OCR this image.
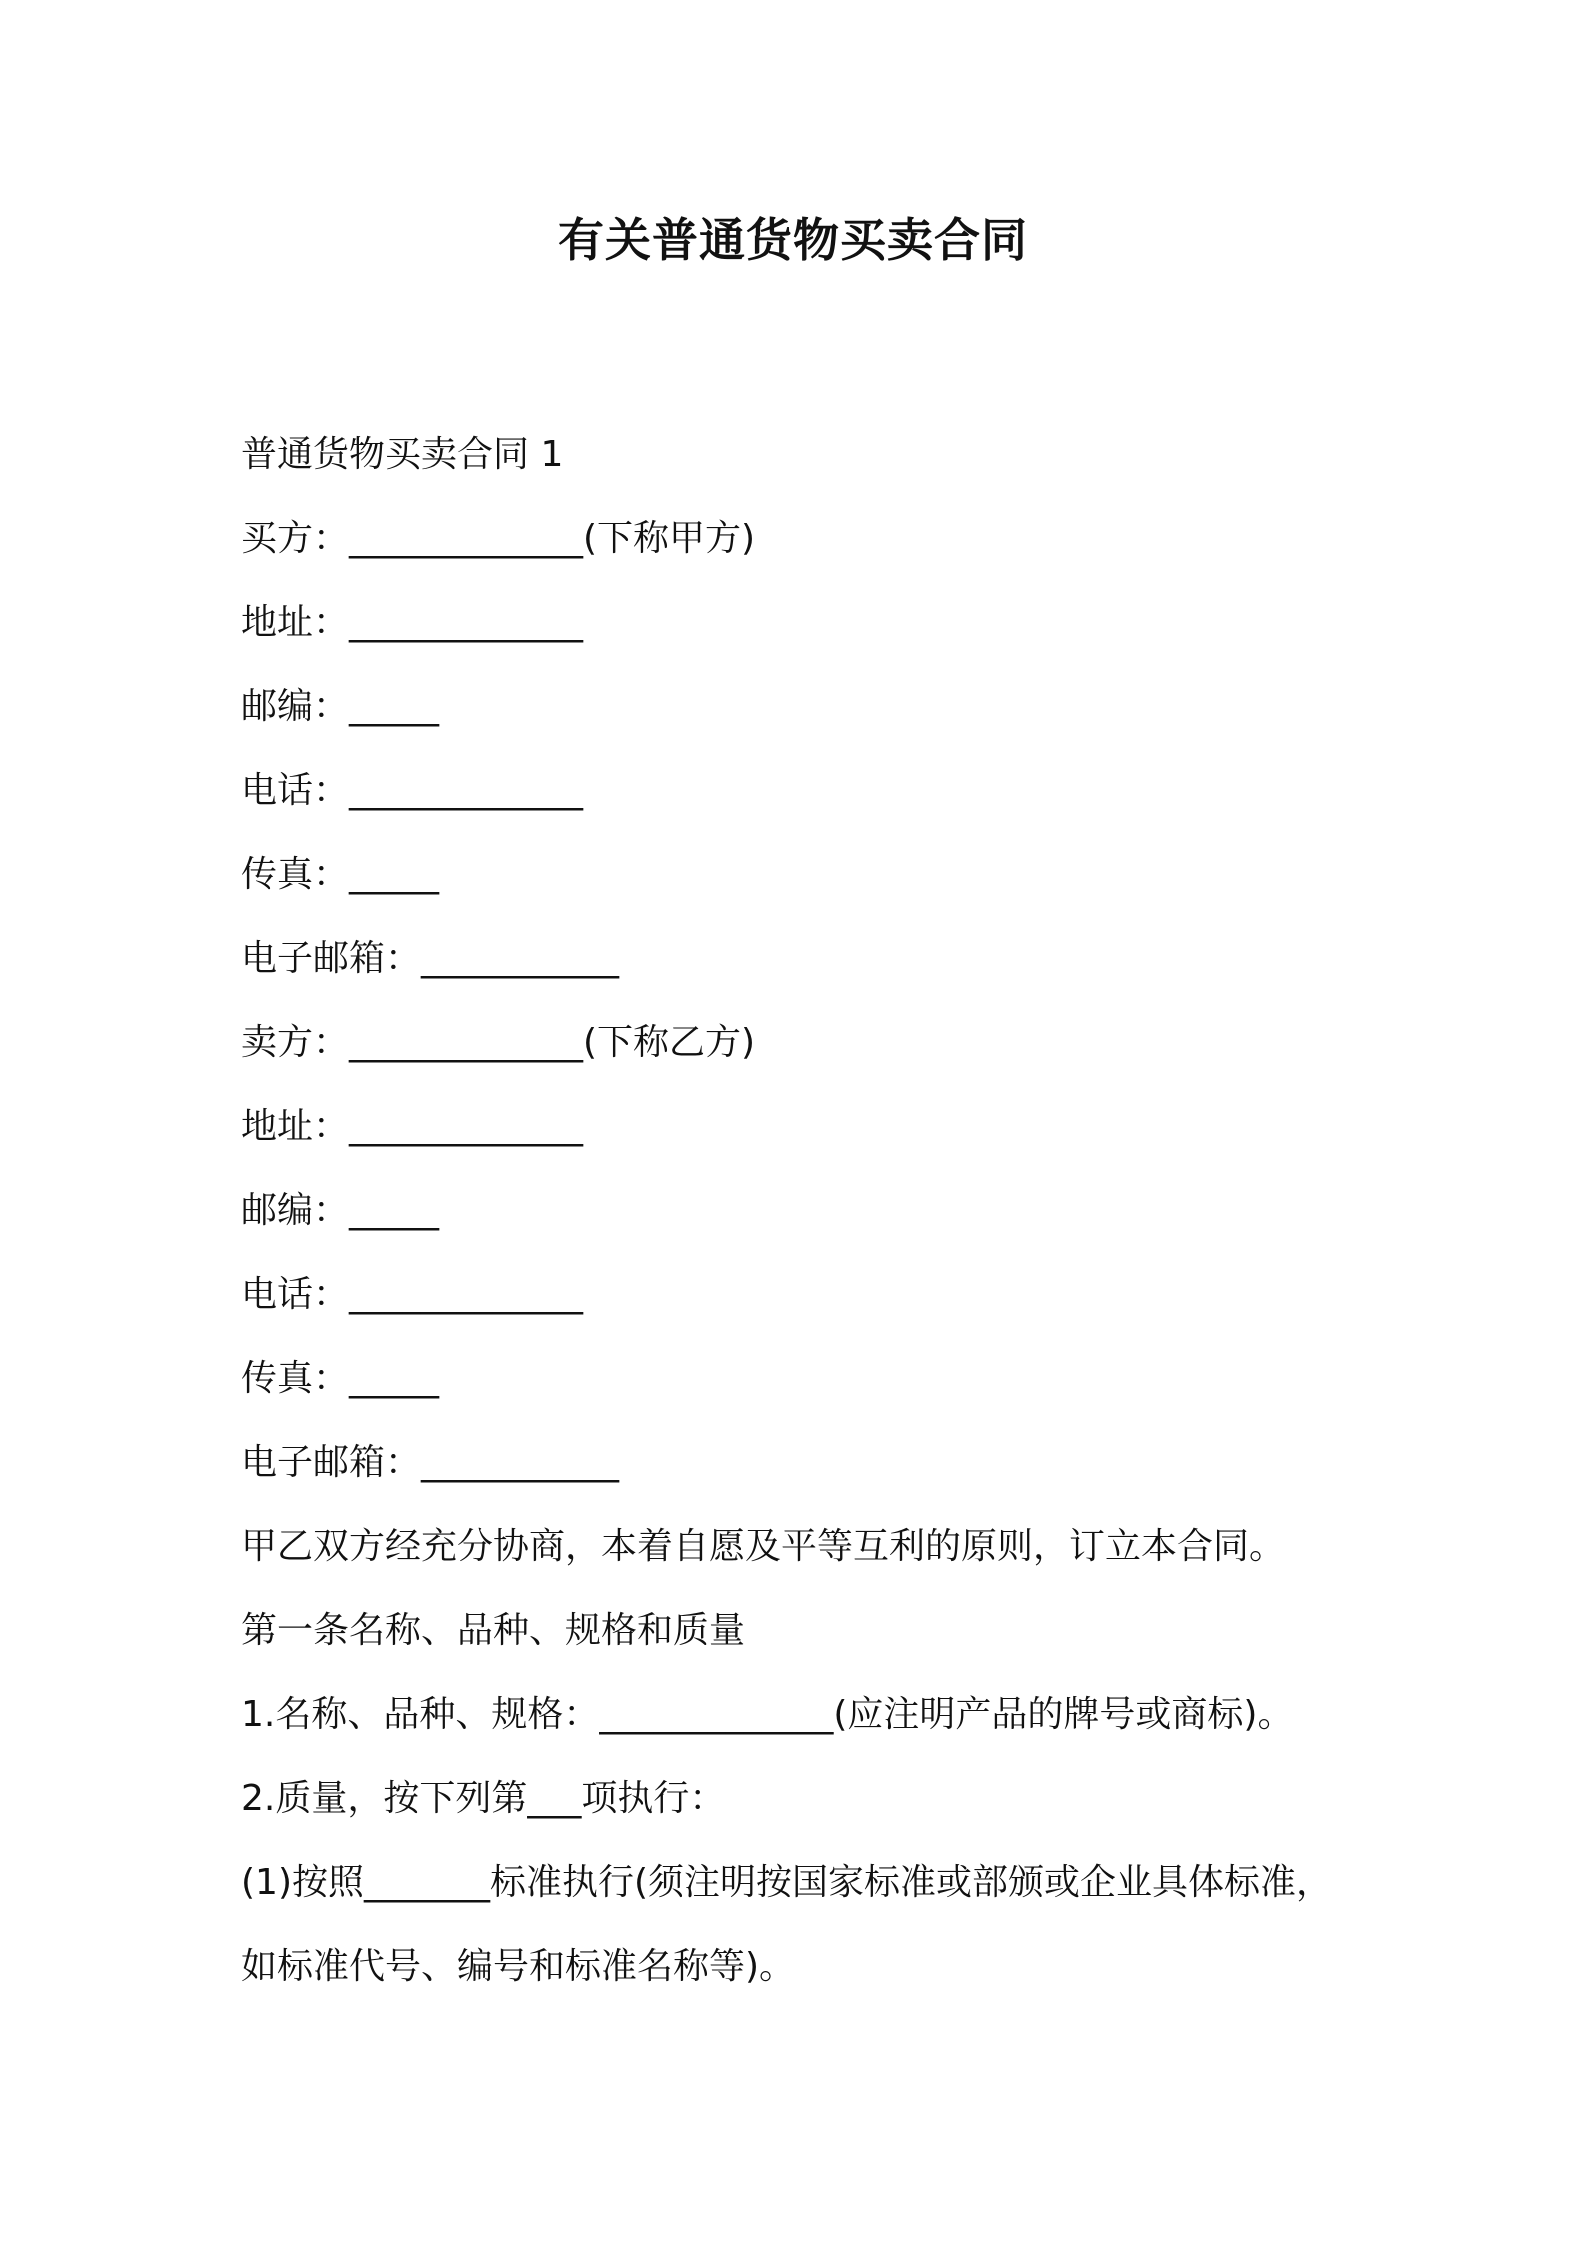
有关普通货物买卖合同

普通货物买卖合同 1

买方：_____________(下称甲方)

地址：_____________

邮编：_____

电话：_____________

传真：_____

电子邮箱：___________

卖方：_____________(下称乙方)

地址：_____________

邮编：_____

电话：_____________

传真：_____

电子邮箱：___________

甲乙双方经充分协商，本着自愿及平等互利的原则，订立本合同。

第一条名称、品种、规格和质量

1.名称、品种、规格：_____________(应注明产品的牌号或商标)。

2.质量，按下列第___项执行：

(1)按照_______标准执行(须注明按国家标准或部颁或企业具体标准，

如标准代号、编号和标准名称等)。
